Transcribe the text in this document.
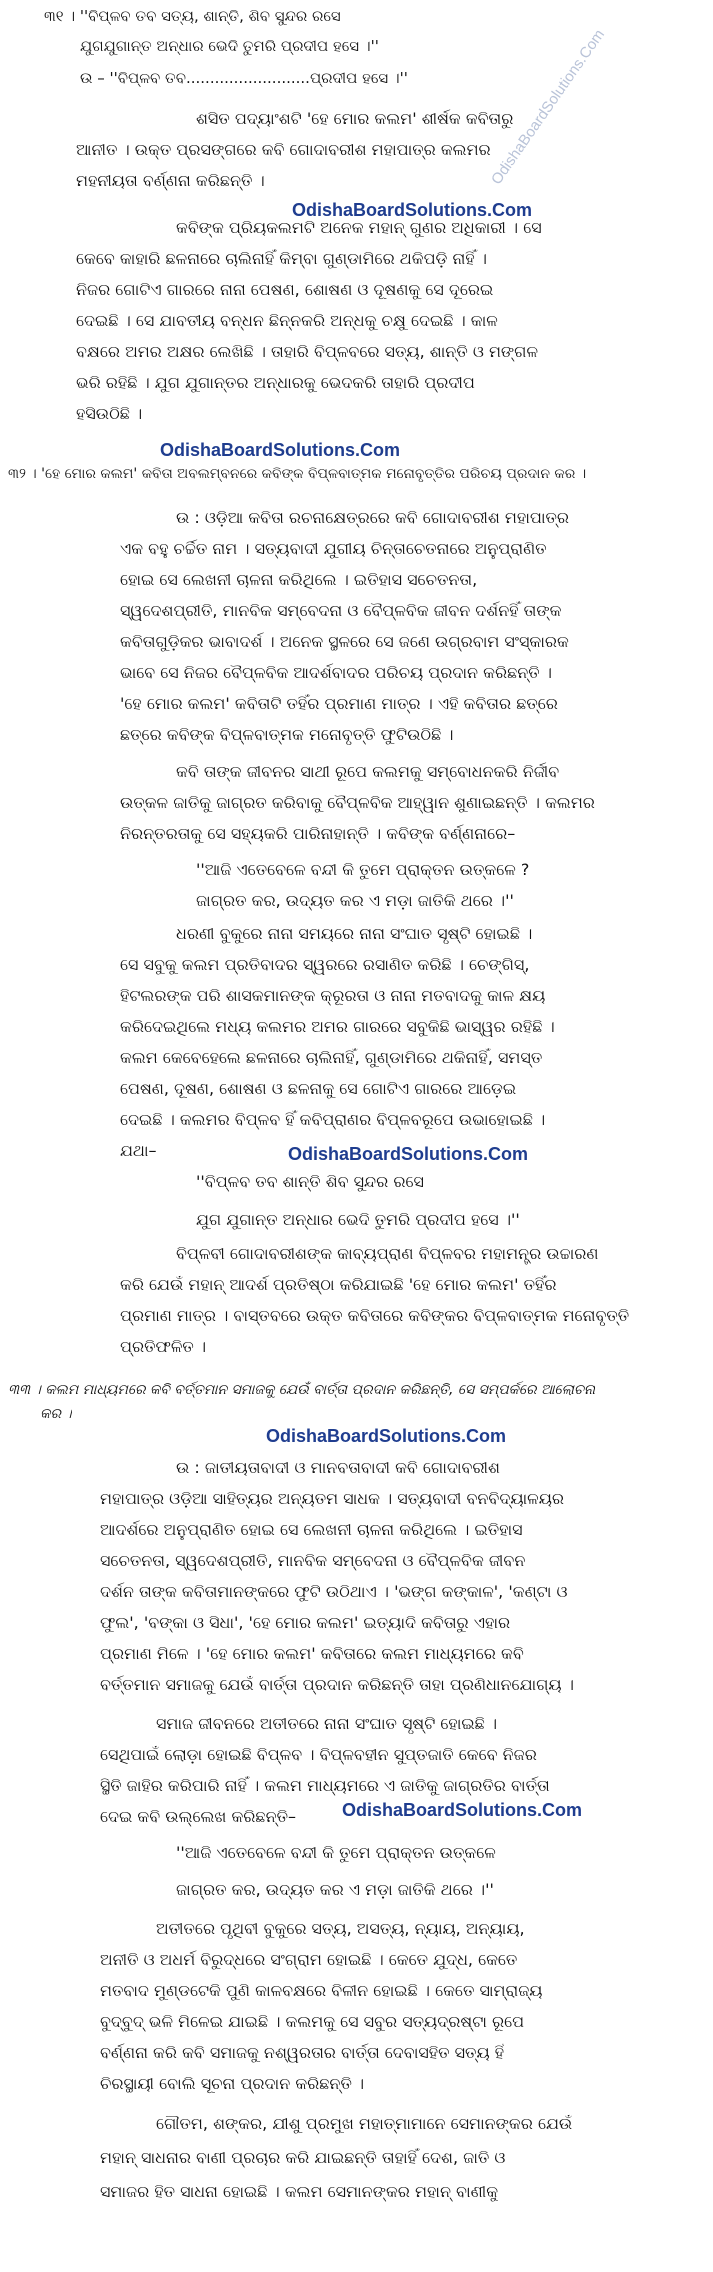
୩୧ । ''ବିପ୍ଳବ ତବ ସତ୍ୟ, ଶାନ୍ତି, ଶିବ ସୁନ୍ଦର ରସେ
ଯୁଗଯୁଗାନ୍ତ ଅନ୍ଧାର ଭେଦି ତୁମରି ପ୍ରଦୀପ ହସେ ।''
ଉ – ''ବିପ୍ଳବ ତବ..........................ପ୍ରଦୀପ ହସେ ।''	OdishaBoardSolutions.Com
ଶସିତ ପଦ୍ୟାଂଶଟି 'ହେ ମୋର କଲମ' ଶୀର୍ଷକ କବିତାରୁ
ଆନୀତ । ଉକ୍ତ ପ୍ରସଙ୍ଗରେ କବି ଗୋଦାବରୀଶ ମହାପାତ୍ର କଲମର
ମହନୀୟତା ବର୍ଣ୍ଣନା କରିଛନ୍ତି ।
OdishaBoardSolutions.Com
କବିଙ୍କ ପ୍ରିୟକଲମଟି ଅନେକ ମହାନ୍ ଗୁଣର ଅଧିକାରୀ । ସେ
କେବେ କାହାରି ଛଳନାରେ ଚାଲିନାହିଁ କିମ୍ବା ଗୁଣ୍ଡାମିରେ ଥକିପଡ଼ି ନାହିଁ ।
ନିଜର ଗୋଟିଏ ଗାରରେ ନାନା ପେଷଣ, ଶୋଷଣ ଓ ଦୂଷଣକୁ ସେ ଦୂରେଇ
ଦେଇଛି । ସେ ଯାବତୀୟ ବନ୍ଧନ ଛିନ୍ନକରି ଅନ୍ଧକୁ ଚକ୍ଷୁ ଦେଇଛି । କାଳ
ବକ୍ଷରେ ଅମର ଅକ୍ଷର ଲେଖିଛି । ତାହାରି ବିପ୍ଳବରେ ସତ୍ୟ, ଶାନ୍ତି ଓ ମଙ୍ଗଳ
ଭରି ରହିଛି । ଯୁଗ ଯୁଗାନ୍ତର ଅନ୍ଧାରକୁ ଭେଦକରି ତାହାରି ପ୍ରଦୀପ
ହସିଉଠିଛି ।
OdishaBoardSolutions.Com
୩୨ । 'ହେ ମୋର କଲମ' କବିତା ଅବଲମ୍ବନରେ କବିଙ୍କ ବିପ୍ଳବାତ୍ମକ ମନୋବୃତ୍ତିର ପରିଚୟ ପ୍ରଦାନ କର ।
ଉ : ଓଡ଼ିଆ କବିତା ରଚନାକ୍ଷେତ୍ରରେ କବି ଗୋଦାବରୀଶ ମହାପାତ୍ର
ଏକ ବହୁ ଚର୍ଚ୍ଚିତ ନାମ । ସତ୍ୟବାଦୀ ଯୁଗୀୟ ଚିନ୍ତାଚେତନାରେ ଅନୁପ୍ରାଣିତ
ହୋଇ ସେ ଲେଖନୀ ଚାଳନା କରିଥିଲେ । ଇତିହାସ ସଚେତନତା,
ସ୍ୱଦେଶପ୍ରୀତି, ମାନବିକ ସମ୍ବେଦନା ଓ ବୈପ୍ଳବିକ ଜୀବନ ଦର୍ଶନହିଁ ତାଙ୍କ
କବିତାଗୁଡ଼ିକର ଭାବାଦର୍ଶ । ଅନେକ ସ୍ଥଳରେ ସେ ଜଣେ ଉଗ୍ରବାମ ସଂସ୍କାରକ
ଭାବେ ସେ ନିଜର ବୈପ୍ଳବିକ ଆଦର୍ଶବାଦର ପରିଚୟ ପ୍ରଦାନ କରିଛନ୍ତି ।
'ହେ ମୋର କଲମ' କବିତାଟି ତହିଁର ପ୍ରମାଣ ମାତ୍ର । ଏହି କବିତାର ଛତ୍ରେ
ଛତ୍ରେ କବିଙ୍କ ବିପ୍ଳବାତ୍ମକ ମନୋବୃତ୍ତି ଫୁଟିଉଠିଛି ।
କବି ତାଙ୍କ ଜୀବନର ସାଥୀ ରୂପେ କଲମକୁ ସମ୍ବୋଧନକରି ନିର୍ଜୀବ
ଉତ୍କଳ ଜାତିକୁ ଜାଗ୍ରତ କରିବାକୁ ବୈପ୍ଳବିକ ଆହ୍ୱାନ ଶୁଣାଇଛନ୍ତି । କଲମର
ନିରନ୍ତରତାକୁ ସେ ସହ୍ୟକରି ପାରିନାହାନ୍ତି । କବିଙ୍କ ବର୍ଣ୍ଣନାରେ–
''ଆଜି ଏତେବେଳେ ବନ୍ଦୀ କି ତୁମେ ପ୍ରାକ୍ତନ ଉତ୍କଳେ ?
ଜାଗ୍ରତ କର, ଉଦ୍ୟତ କର ଏ ମଡ଼ା ଜାତିକି ଥରେ ।''
ଧରଣୀ ବୁକୁରେ ନାନା ସମୟରେ ନାନା ସଂଘାତ ସୃଷ୍ଟି ହୋଇଛି ।
ସେ ସବୁକୁ କଲମ ପ୍ରତିବାଦର ସ୍ୱରରେ ରସାଣିତ କରିଛି । ଚେଙ୍ଗିସ୍,
ହିଟଲରଙ୍କ ପରି ଶାସକମାନଙ୍କ କ୍ରୂରତା ଓ ନାନା ମତବାଦକୁ କାଳ କ୍ଷୟ
କରିଦେଇଥିଲେ ମଧ୍ୟ କଲମର ଅମର ଗାରରେ ସବୁକିଛି ଭାସ୍ୱର ରହିଛି ।
କଲମ କେବେହେଲେ ଛଳନାରେ ଚାଲିନାହିଁ, ଗୁଣ୍ଡାମିରେ ଥକିନାହିଁ, ସମସ୍ତ
ପେଷଣ, ଦୂଷଣ, ଶୋଷଣ ଓ ଛଳନାକୁ ସେ ଗୋଟିଏ ଗାରରେ ଆଡ଼େଇ
ଦେଇଛି । କଲମର ବିପ୍ଳବ ହିଁ କବିପ୍ରାଣର ବିପ୍ଳବରୂପେ ଉଭାହୋଇଛି ।
ଯଥା–	OdishaBoardSolutions.Com
''ବିପ୍ଳବ ତବ ଶାନ୍ତି ଶିବ ସୁନ୍ଦର ରସେ
ଯୁଗ ଯୁଗାନ୍ତ ଅନ୍ଧାର ଭେଦି ତୁମରି ପ୍ରଦୀପ ହସେ ।''
ବିପ୍ଳବୀ ଗୋଦାବରୀଶଙ୍କ କାବ୍ୟପ୍ରାଣ ବିପ୍ଳବର ମହାମନ୍ତ୍ର ଉଚ୍ଚାରଣ
କରି ଯେଉଁ ମହାନ୍ ଆଦର୍ଶ ପ୍ରତିଷ୍ଠା କରିଯାଇଛି 'ହେ ମୋର କଲମ' ତହିଁର
ପ୍ରମାଣ ମାତ୍ର । ବାସ୍ତବରେ ଉକ୍ତ କବିତାରେ କବିଙ୍କର ବିପ୍ଳବାତ୍ମକ ମନୋବୃତ୍ତି
ପ୍ରତିଫଳିତ ।
୩୩ । କଲମ ମାଧ୍ୟମରେ କବି ବର୍ତ୍ତମାନ ସମାଜକୁ ଯେଉଁ ବାର୍ତ୍ତା ପ୍ରଦାନ କରିଛନ୍ତି, ସେ ସମ୍ପର୍କରେ ଆଲୋଚନା
କର ।
OdishaBoardSolutions.Com
ଉ : ଜାତୀୟତାବାଦୀ ଓ ମାନବତାବାଦୀ କବି ଗୋଦାବରୀଶ
ମହାପାତ୍ର ଓଡ଼ିଆ ସାହିତ୍ୟର ଅନ୍ୟତମ ସାଧକ । ସତ୍ୟବାଦୀ ବନବିଦ୍ୟାଳୟର
ଆଦର୍ଶରେ ଅନୁପ୍ରାଣିତ ହୋଇ ସେ ଲେଖନୀ ଚାଳନା କରିଥିଲେ । ଇତିହାସ
ସଚେତନତା, ସ୍ୱଦେଶପ୍ରୀତି, ମାନବିକ ସମ୍ବେଦନା ଓ ବୈପ୍ଳବିକ ଜୀବନ
ଦର୍ଶନ ତାଙ୍କ କବିତାମାନଙ୍କରେ ଫୁଟି ଉଠିଥାଏ । 'ଭଙ୍ଗ କଙ୍କାଳ', 'କଣ୍ଟା ଓ
ଫୁଲ', 'ବଙ୍କା ଓ ସିଧା', 'ହେ ମୋର କଲମ' ଇତ୍ୟାଦି କବିତାରୁ ଏହାର
ପ୍ରମାଣ ମିଳେ । 'ହେ ମୋର କଲମ' କବିତାରେ କଲମ ମାଧ୍ୟମରେ କବି
ବର୍ତ୍ତମାନ ସମାଜକୁ ଯେଉଁ ବାର୍ତ୍ତା ପ୍ରଦାନ କରିଛନ୍ତି ତାହା ପ୍ରଣିଧାନଯୋଗ୍ୟ ।
ସମାଜ ଜୀବନରେ ଅତୀତରେ ନାନା ସଂଘାତ ସୃଷ୍ଟି ହୋଇଛି ।
ସେଥିପାଇଁ ଲୋଡ଼ା ହୋଇଛି ବିପ୍ଳବ । ବିପ୍ଳବହୀନ ସୁପ୍ତଜାତି କେବେ ନିଜର
ସ୍ଥିତି ଜାହିର କରିପାରି ନାହିଁ । କଲମ ମାଧ୍ୟମରେ ଏ ଜାତିକୁ ଜାଗ୍ରତିର ବାର୍ତ୍ତା
ଦେଇ କବି ଉଲ୍ଲେଖ କରିଛନ୍ତି–	OdishaBoardSolutions.Com
''ଆଜି ଏତେବେଳେ ବନ୍ଦୀ କି ତୁମେ ପ୍ରାକ୍ତନ ଉତ୍କଳେ
ଜାଗ୍ରତ କର, ଉଦ୍ୟତ କର ଏ ମଡ଼ା ଜାତିକି ଥରେ ।''
ଅତୀତରେ ପୃଥିବୀ ବୁକୁରେ ସତ୍ୟ, ଅସତ୍ୟ, ନ୍ୟାୟ, ଅନ୍ୟାୟ,
ଅନୀତି ଓ ଅଧର୍ମ ବିରୁଦ୍ଧରେ ସଂଗ୍ରାମ ହୋଇଛି । କେତେ ଯୁଦ୍ଧ, କେତେ
ମତବାଦ ମୁଣ୍ଡଟେକି ପୁଣି କାଳବକ୍ଷରେ ବିଳୀନ ହୋଇଛି । କେତେ ସାମ୍ରାଜ୍ୟ
ବୁଦ୍‌ବୁଦ୍ ଭଳି ମିଳେଇ ଯାଇଛି । କଲମକୁ ସେ ସବୁର ସତ୍ୟଦ୍ରଷ୍ଟା ରୂପେ
ବର୍ଣ୍ଣନା କରି କବି ସମାଜକୁ ନଶ୍ୱରତାର ବାର୍ତ୍ତା ଦେବାସହିତ ସତ୍ୟ ହିଁ
ଚିରସ୍ଥାୟୀ ବୋଲି ସୂଚନା ପ୍ରଦାନ କରିଛନ୍ତି ।
ଗୌତମ, ଶଙ୍କର, ଯୀଶୁ ପ୍ରମୁଖ ମହାତ୍ମାମାନେ ସେମାନଙ୍କର ଯେଉଁ
ମହାନ୍ ସାଧନାର ବାଣୀ ପ୍ରଚାର କରି ଯାଇଛନ୍ତି ତାହାହିଁ ଦେଶ, ଜାତି ଓ
ସମାଜର ହିତ ସାଧନା ହୋଇଛି । କଲମ ସେମାନଙ୍କର ମହାନ୍ ବାଣୀକୁ
